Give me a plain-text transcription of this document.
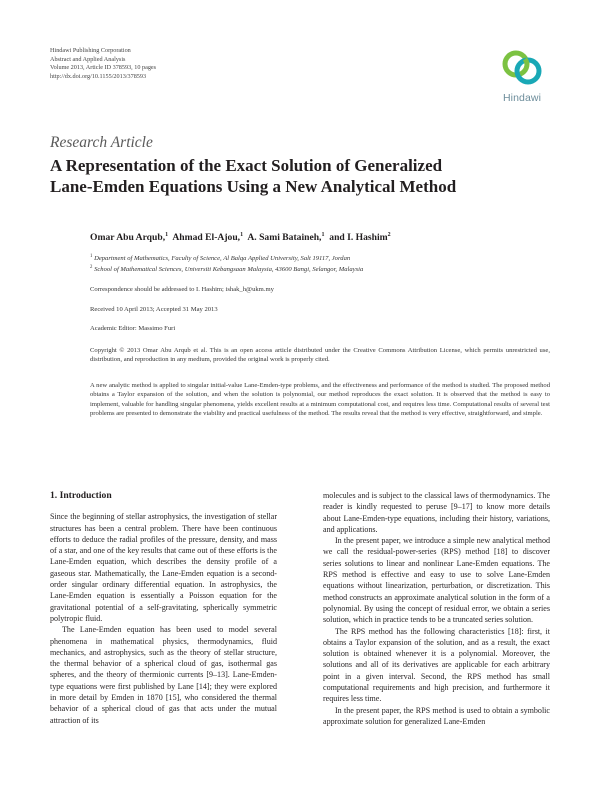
Hindawi Publishing Corporation
Abstract and Applied Analysis
Volume 2013, Article ID 378593, 10 pages
http://dx.doi.org/10.1155/2013/378593
Hindawi
Research Article
A Representation of the Exact Solution of Generalized
Lane-Emden Equations Using a New Analytical Method
Omar Abu Arqub,$^1$ Ahmad El-Ajou,$^1$ A. Sami Bataineh,$^1$ and I. Hashim$^2$
$^1$ Department of Mathematics, Faculty of Science, Al Balqa Applied University, Salt 19117, Jordan
$^2$ School of Mathematical Sciences, Universiti Kebangsaan Malaysia, 43600 Bangi, Selangor, Malaysia
Correspondence should be addressed to I. Hashim; ishak_h@ukm.my
Received 10 April 2013; Accepted 31 May 2013
Academic Editor: Massimo Furi
Copyright © 2013 Omar Abu Arqub et al. This is an open access article distributed under the Creative Commons Attribution License, which permits unrestricted use, distribution, and reproduction in any medium, provided the original work is properly cited.
A new analytic method is applied to singular initial-value Lane-Emden-type problems, and the effectiveness and performance of the method is studied. The proposed method obtains a Taylor expansion of the solution, and when the solution is polynomial, our method reproduces the exact solution. It is observed that the method is easy to implement, valuable for handling singular phenomena, yields excellent results at a minimum computational cost, and requires less time. Computational results of several test problems are presented to demonstrate the viability and practical usefulness of the method. The results reveal that the method is very effective, straightforward, and simple.
1. Introduction

Since the beginning of stellar astrophysics, the investigation of stellar structures has been a central problem. There have been continuous efforts to deduce the radial profiles of the pressure, density, and mass of a star, and one of the key results that came out of these efforts is the Lane-Emden equation, which describes the density profile of a gaseous star. Mathematically, the Lane-Emden equation is a second-order singular ordinary differential equation. In astrophysics, the Lane-Emden equation is essentially a Poisson equation for the gravitational potential of a self-gravitating, spherically symmetric polytropic fluid.

The Lane-Emden equation has been used to model several phenomena in mathematical physics, thermodynamics, fluid mechanics, and astrophysics, such as the theory of stellar structure, the thermal behavior of a spherical cloud of gas, isothermal gas spheres, and the theory of thermionic currents [9–13]. Lane-Emden-type equations were first published by Lane [14]; they were explored in more detail by Emden in 1870 [15], who considered the thermal behavior of a spherical cloud of gas that acts under the mutual attraction of its

molecules and is subject to the classical laws of thermodynamics. The reader is kindly requested to peruse [9–17] to know more details about Lane-Emden-type equations, including their history, variations, and applications.

In the present paper, we introduce a simple new analytical method we call the residual-power-series (RPS) method [18] to discover series solutions to linear and nonlinear Lane-Emden equations. The RPS method is effective and easy to use to solve Lane-Emden equations without linearization, perturbation, or discretization. This method constructs an approximate analytical solution in the form of a polynomial. By using the concept of residual error, we obtain a series solution, which in practice tends to be a truncated series solution.

The RPS method has the following characteristics [18]: first, it obtains a Taylor expansion of the solution, and as a result, the exact solution is obtained whenever it is a polynomial. Moreover, the solutions and all of its derivatives are applicable for each arbitrary point in a given interval. Second, the RPS method has small computational requirements and high precision, and furthermore it requires less time.

In the present paper, the RPS method is used to obtain a symbolic approximate solution for generalized Lane-Emden
